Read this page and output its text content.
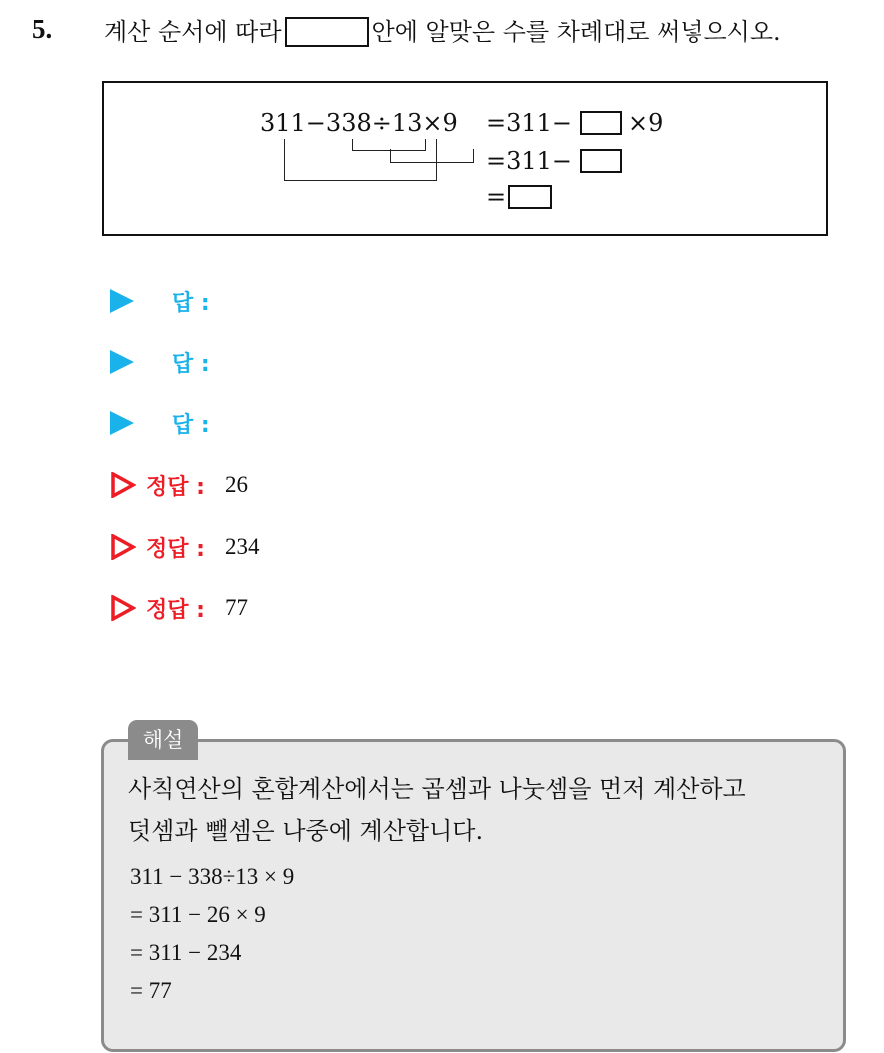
5. 계산 순서에 따라	안에 알맞은 수를 차례대로 써넣으시오.
311−338÷13×9 =311− ×9
=311−
=
답 :
답 :
답 :
정답 : 26
정답 : 234
정답 : 77
사칙연산의 혼합계산에서는 곱셈과 나눗셈을 먼저 계산하고
덧셈과 뺄셈은 나중에 계산합니다.
311 − 338÷13 × 9
= 311 − 26 × 9
= 311 − 234
= 77
해설
